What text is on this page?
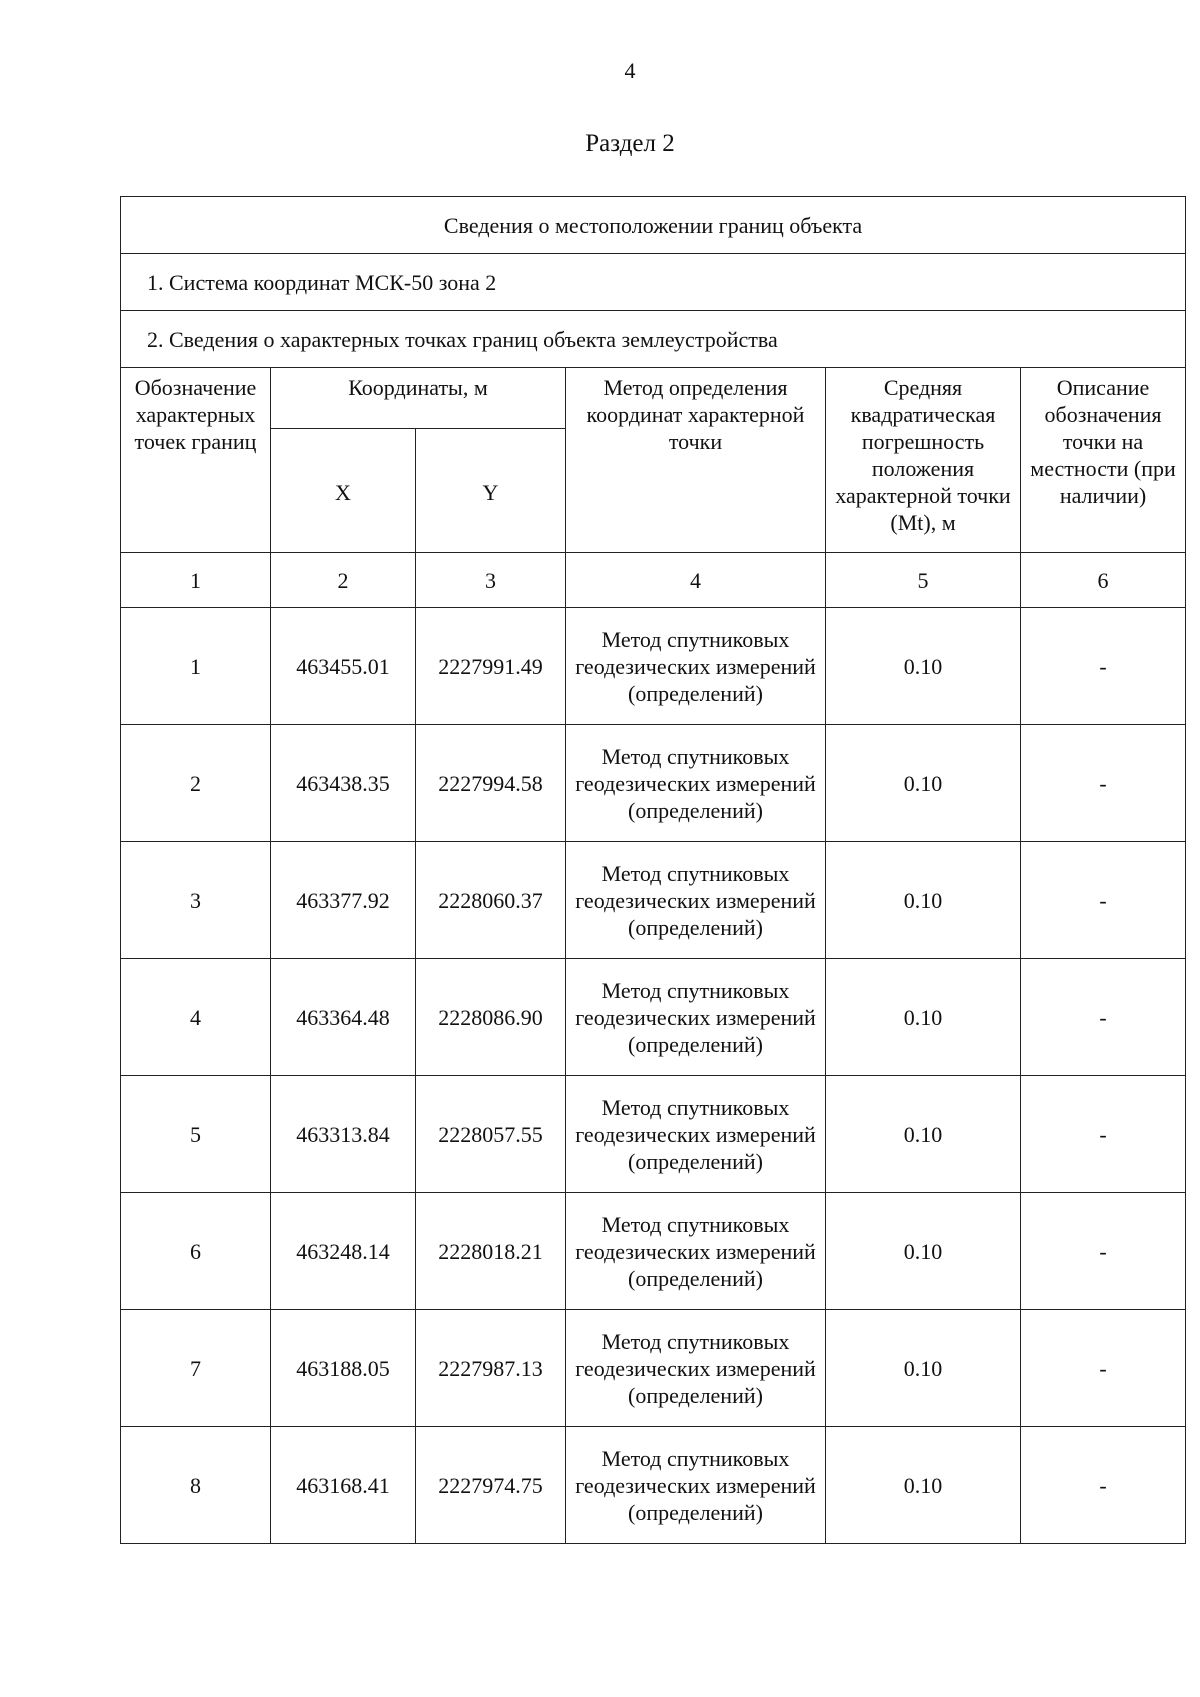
4
Раздел 2
Сведения о местоположении границ объекта					
1. Система координат МСК-50 зона 2					
2. Сведения о характерных точках границ объекта землеустройства					
Обозначение характерных точек границ	Координаты, м		Метод определения координат характерной точки	Средняя квадратическая погрешность положения характерной точки (Mt), м	Описание обозначения точки на местности (при наличии)
	X	Y			
1	2	3	4	5	6
1	463455.01	2227991.49	Метод спутниковых геодезических измерений (определений)	0.10	-
2	463438.35	2227994.58	Метод спутниковых геодезических измерений (определений)	0.10	-
3	463377.92	2228060.37	Метод спутниковых геодезических измерений (определений)	0.10	-
4	463364.48	2228086.90	Метод спутниковых геодезических измерений (определений)	0.10	-
5	463313.84	2228057.55	Метод спутниковых геодезических измерений (определений)	0.10	-
6	463248.14	2228018.21	Метод спутниковых геодезических измерений (определений)	0.10	-
7	463188.05	2227987.13	Метод спутниковых геодезических измерений (определений)	0.10	-
8	463168.41	2227974.75	Метод спутниковых геодезических измерений (определений)	0.10	-
